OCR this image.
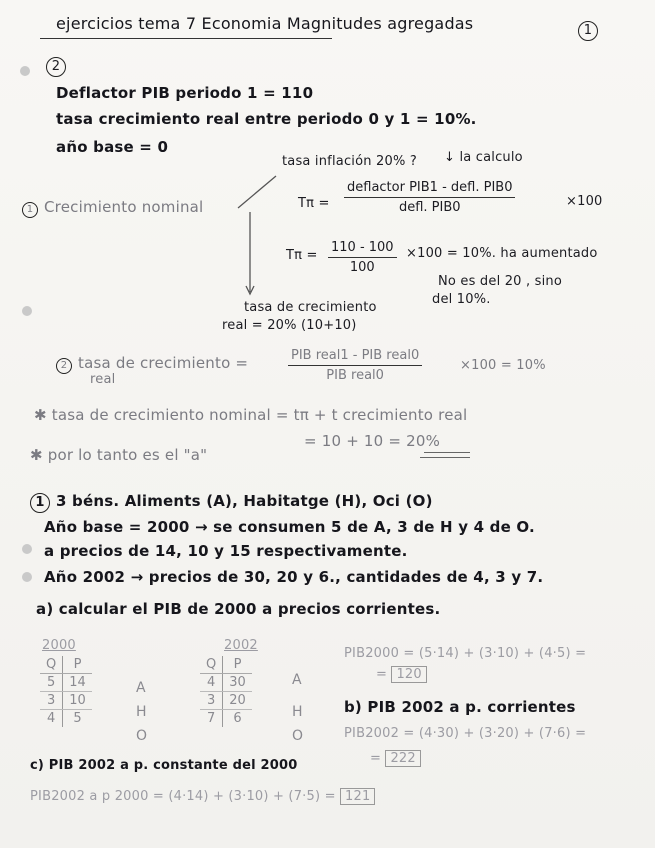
ejercicios tema 7 Economia Magnitudes agregadas	1
2
Deflactor PIB periodo 1 = 110
tasa crecimiento real entre periodo 0 y 1 = 10%.
año base = 0
tasa inflación 20% ? ↓ la calculo
1 Crecimiento nominal	Tπ =
deflactor PIB1 - defl. PIB0
defl. PIB0	×100
$T\pi = \frac{110 - 100}{100} \times 100 = 10\%$. ha aumentado
No es del 20 , sino
del 10%.
tasa de crecimiento
real = 20% (10+10)
2 tasa de crecimiento =
real
PIB real1 - PIB real0
PIB real0
×100 = 10%
✱ tasa de crecimiento nominal = tπ + t crecimiento real
= 10 + 10 = 20%
✱ por lo tanto es el "a"
1 3 béns. Aliments (A), Habitatge (H), Oci (O)
Año base = 2000 → se consumen 5 de A, 3 de H y 4 de O.
a precios de 14, 10 y 15 respectivamente.
Año 2002 → precios de 30, 20 y 6., cantidades de 4, 3 y 7.
a) calcular el PIB de 2000 a precios corrientes.
2000
Q	P
5	14
3	10
4	5
A
H
O
2002
Q	P
4	30
3	20
7	6
A
H
O
PIB2000 = (5·14) + (3·10) + (4·5) =
= 120
b) PIB 2002 a p. corrientes
PIB2002 = (4·30) + (3·20) + (7·6) =
= 222
c) PIB 2002 a p. constante del 2000
PIB2002 a p 2000 = (4·14) + (3·10) + (7·5) = 121
